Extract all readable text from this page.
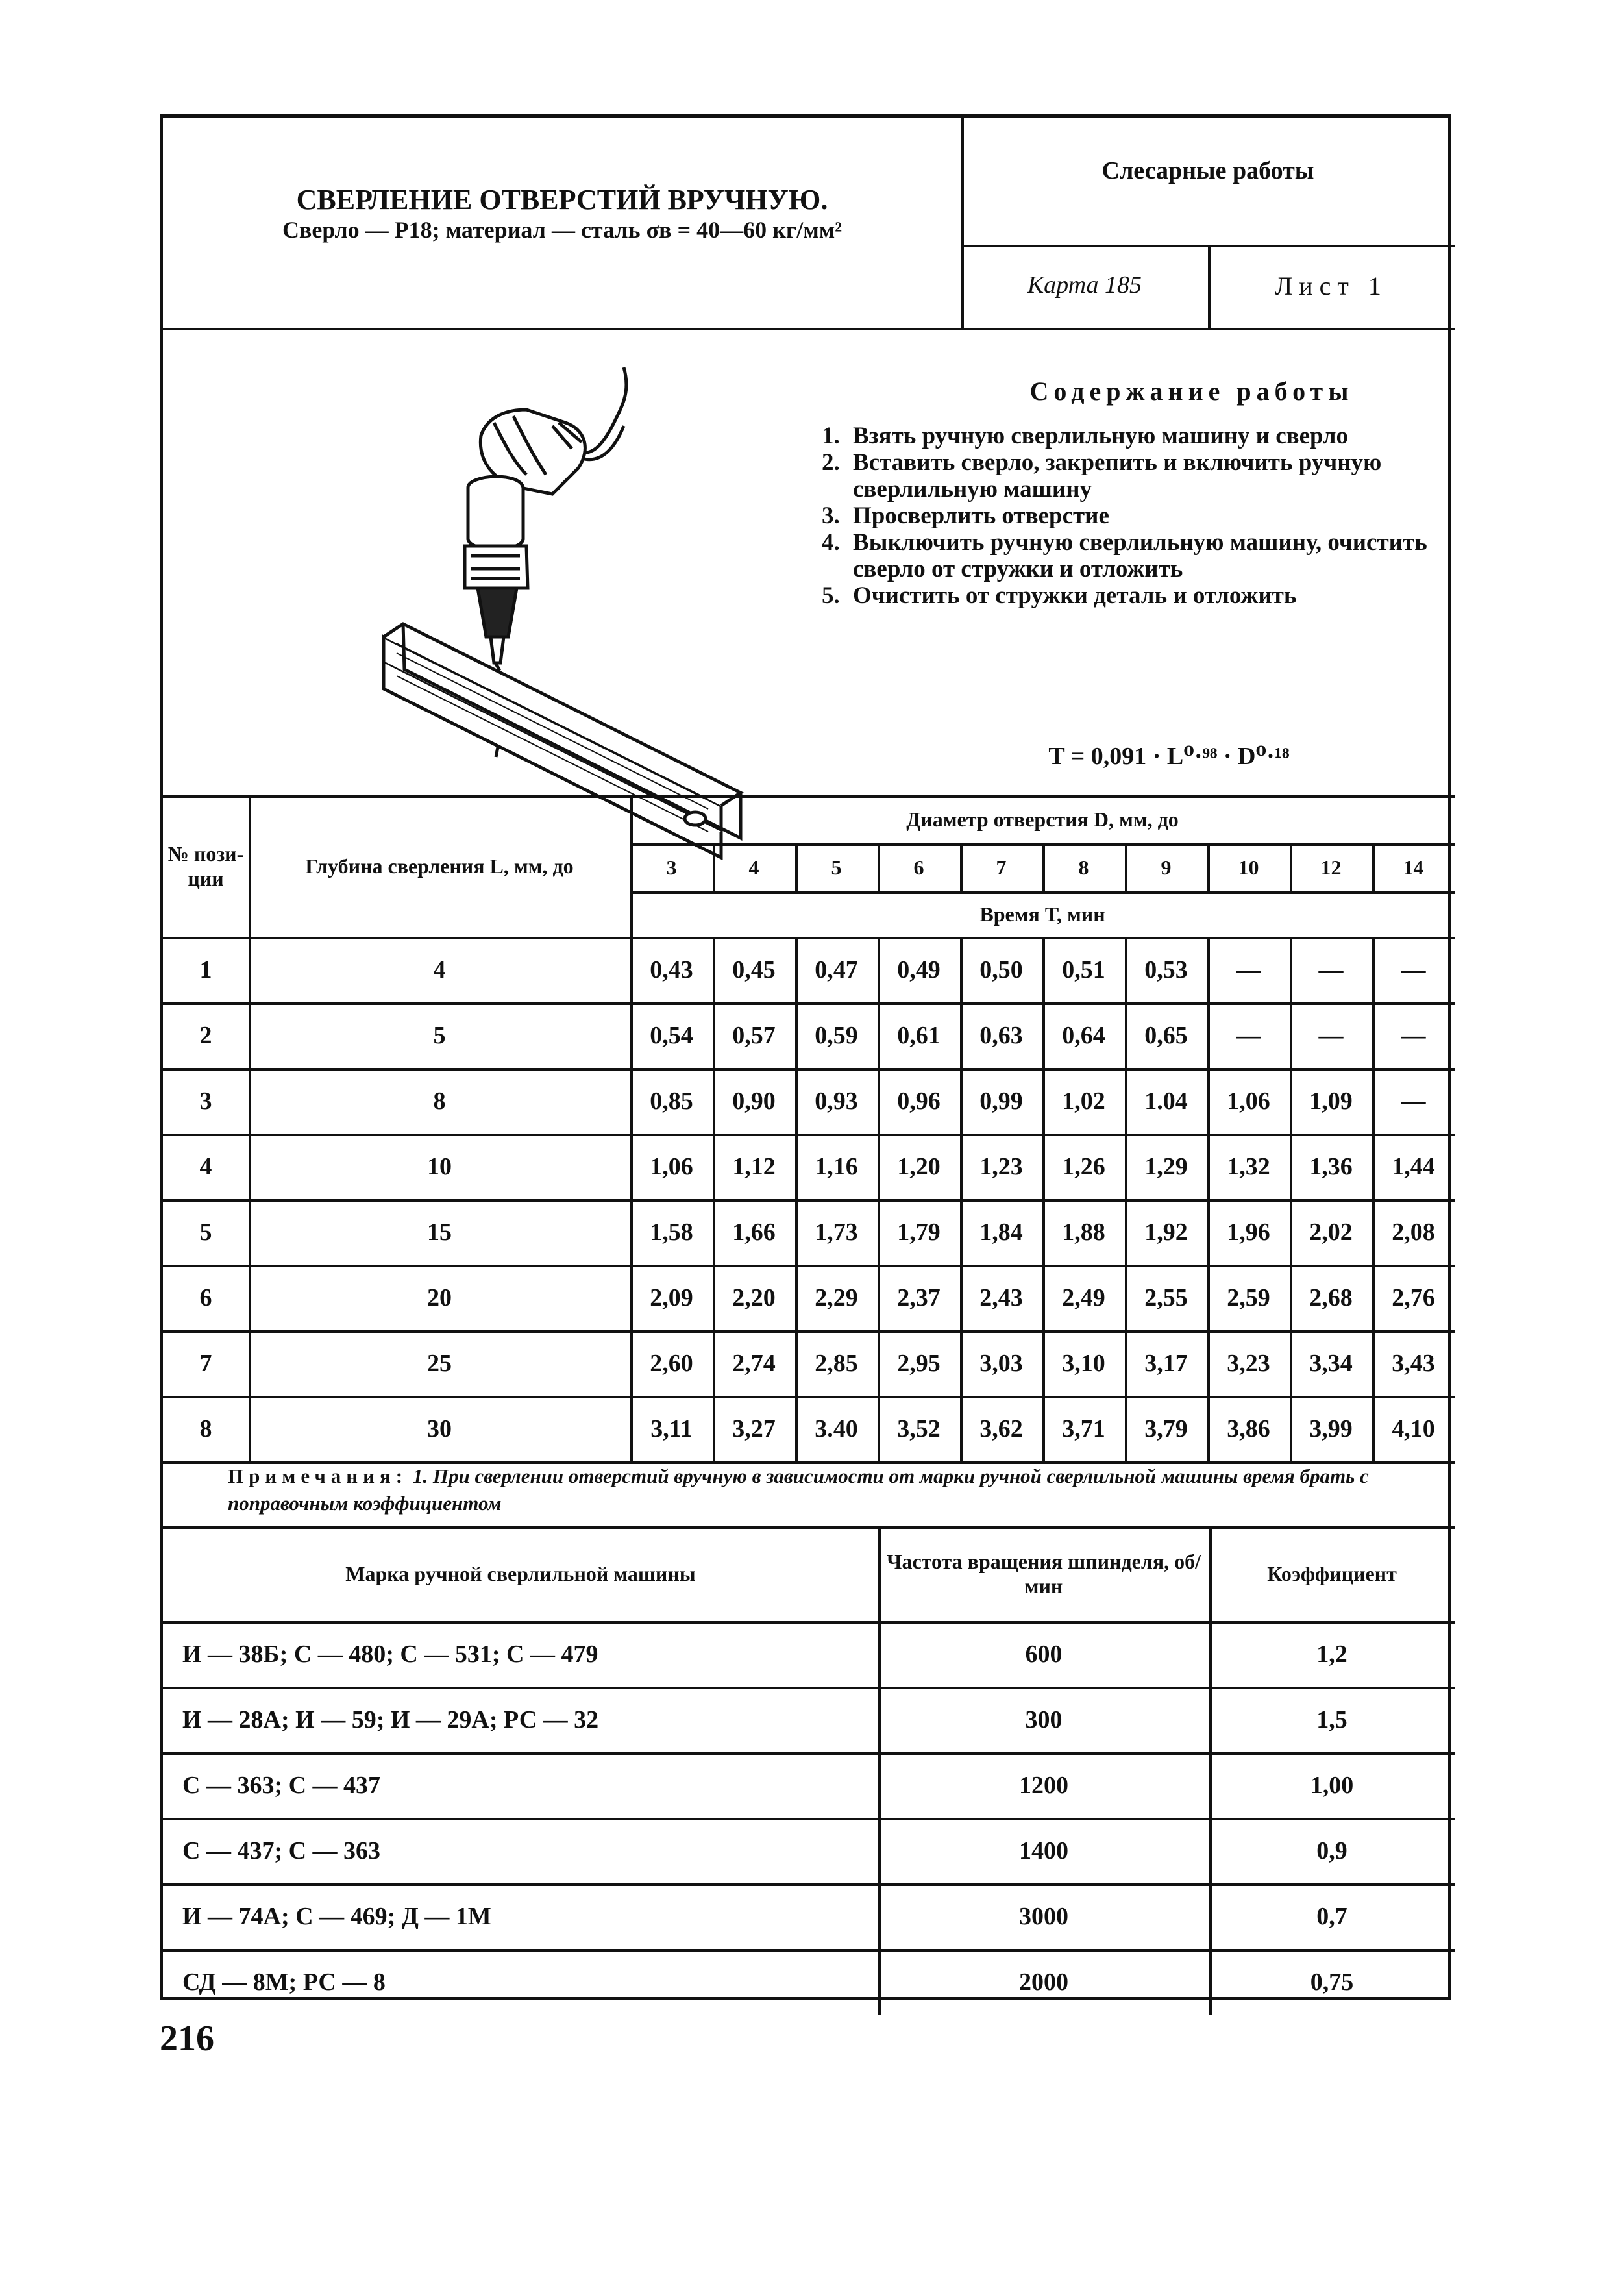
СВЕРЛЕНИЕ ОТВЕРСТИЙ ВРУЧНУЮ.
Сверло — Р18; материал — сталь σв = 40—60 кг/мм²
Слесарные работы
Карта 185	Лист 1
Содержание работы
1. Взять ручную сверлильную машину и сверло
2. Вставить сверло, закрепить и включить ручную сверлильную машину
3. Просверлить отверстие
4. Выключить ручную сверлильную машину, очистить сверло от стружки и отложить
5. Очистить от стружки деталь и отложить
T = 0,091 · L⁰·⁹⁸ · D⁰·¹⁸
№ пози- ции
Глубина сверления L, мм, до
Диаметр отверстия D, мм, до
Время Т, мин
3	4	5	6	7	8	9	10	12	14
1	4	0,43	0,45	0,47	0,49	0,50	0,51	0,53	—	—	—
2	5	0,54	0,57	0,59	0,61	0,63	0,64	0,65	—	—	—
3	8	0,85	0,90	0,93	0,96	0,99	1,02	1.04	1,06	1,09	—
4	10	1,06	1,12	1,16	1,20	1,23	1,26	1,29	1,32	1,36	1,44
5	15	1,58	1,66	1,73	1,79	1,84	1,88	1,92	1,96	2,02	2,08
6	20	2,09	2,20	2,29	2,37	2,43	2,49	2,55	2,59	2,68	2,76
7	25	2,60	2,74	2,85	2,95	3,03	3,10	3,17	3,23	3,34	3,43
8	30	3,11	3,27	3.40	3,52	3,62	3,71	3,79	3,86	3,99	4,10
Примечания: 1. При сверлении отверстий вручную в зависимости от марки ручной сверлильной машины время брать с поправочным коэффициентом
Марка ручной сверлильной машины
Частота вращения шпинделя, об/мин
Коэффициент
И — 38Б; С — 480; С — 531; С — 479	600	1,2
И — 28А; И — 59; И — 29А; РС — 32	300	1,5
С — 363; С — 437	1200	1,00
С — 437; С — 363	1400	0,9
И — 74А; С — 469; Д — 1М	3000	0,7
СД — 8М; РС — 8	2000	0,75
216
